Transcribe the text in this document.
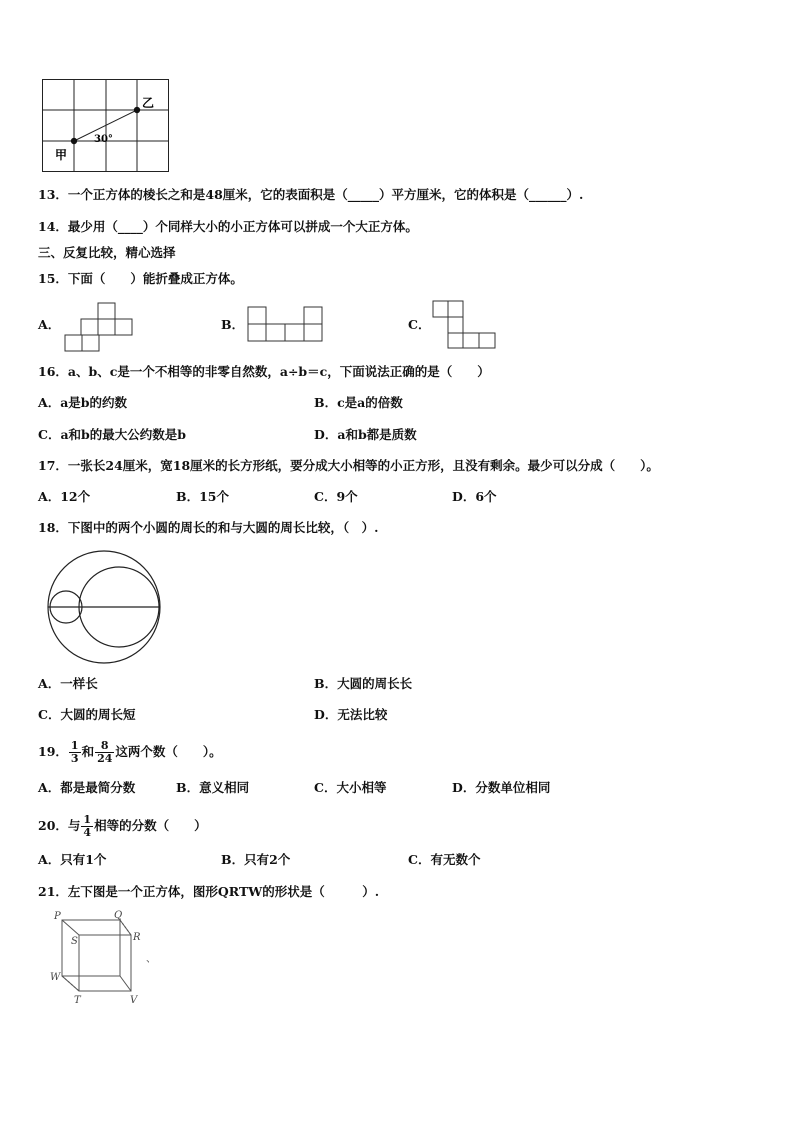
甲
乙
30°
13．一个正方体的棱长之和是48厘米，它的表面积是（_____）平方厘米，它的体积是（______）.
14．最少用（____）个同样大小的小正方体可以拼成一个大正方体。
三、反复比较，精心选择
15．下面（　　）能折叠成正方体。
A．	B．	C．
16．a、b、c是一个不相等的非零自然数，a÷b＝c，下面说法正确的是（　　）
A．a是b的约数	B．c是a的倍数
C．a和b的最大公约数是b	D．a和b都是质数
17．一张长24厘米，宽18厘米的长方形纸，要分成大小相等的小正方形，且没有剩余。最少可以分成（　　）。
A．12个	B．15个	C．9个	D．6个
18．下图中的两个小圆的周长的和与大圆的周长比较，（　）.
A．一样长	B．大圆的周长长
C．大圆的周长短	D．无法比较
19． $\frac{1}{3}$ 和 $\frac{8}{24}$ 这两个数（　　）。
A．都是最简分数	B．意义相同	C．大小相等	D．分数单位相同
20．与 $\frac{1}{4}$ 相等的分数（　　）
A．只有1个	B．只有2个	C．有无数个
21．左下图是一个正方体，图形QRTW的形状是（　　　）.
P	Q
S	R
W
T	V
、
